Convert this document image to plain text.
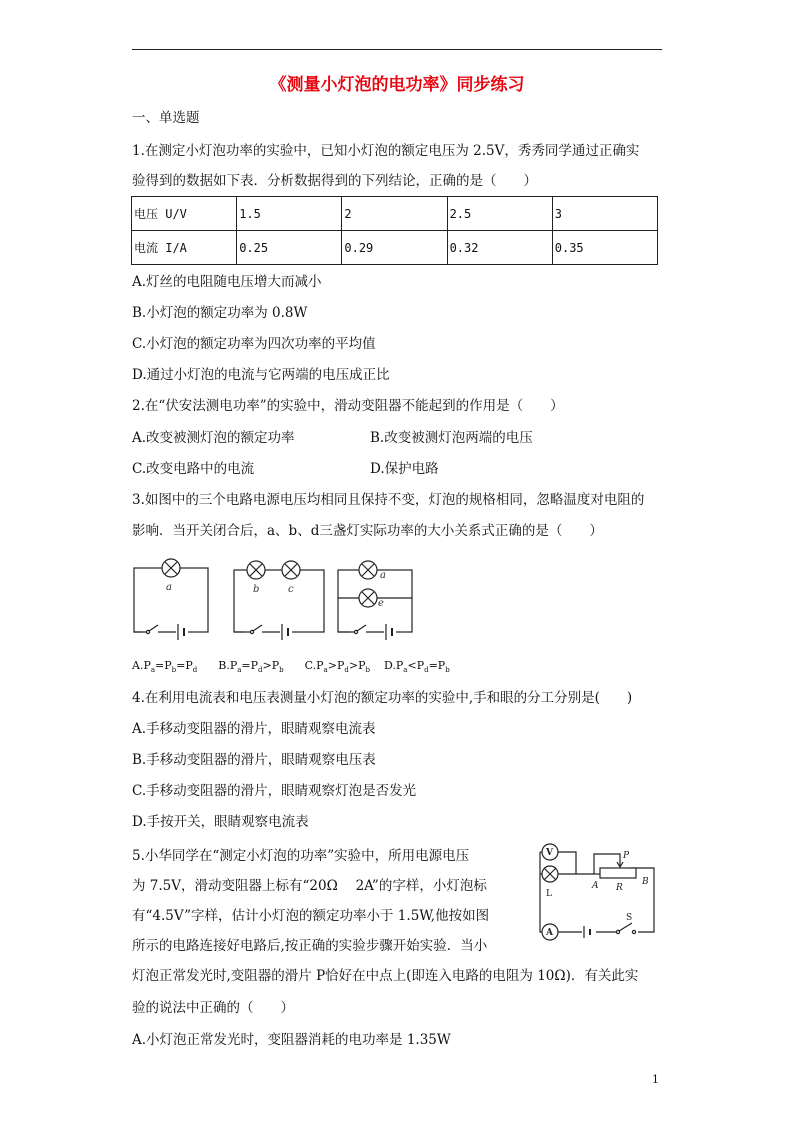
《测量小灯泡的电功率》同步练习
一、单选题
1.在测定小灯泡功率的实验中，已知小灯泡的额定电压为 2.5V，秀秀同学通过正确实
验得到的数据如下表．分析数据得到的下列结论，正确的是（　　）
电压 U/V	1.5	2	2.5	3
电流 I/A	0.25	0.29	0.32	0.35
A.灯丝的电阻随电压增大而减小
B.小灯泡的额定功率为 0.8W
C.小灯泡的额定功率为四次功率的平均值
D.通过小灯泡的电流与它两端的电压成正比
2.在“伏安法测电功率”的实验中，滑动变阻器不能起到的作用是（　　）
A.改变被测灯泡的额定功率	B.改变被测灯泡两端的电压
C.改变电路中的电流	D.保护电路
3.如图中的三个电路电源电压均相同且保持不变，灯泡的规格相同，忽略温度对电阻的
影响．当开关闭合后，a、b、d三盏灯实际功率的大小关系式正确的是（　　）
a	b	c
a
e
$A.P_a=P_b=P_d$ $B.P_a=P_d>P_b$ $C.P_a>P_d>P_b$ $D.P_a<P_d=P_b$
4.在利用电流表和电压表测量小灯泡的额定功率的实验中,手和眼的分工分别是(　　)
A.手移动变阻器的滑片，眼睛观察电流表
B.手移动变阻器的滑片，眼睛观察电压表
C.手移动变阻器的滑片，眼睛观察灯泡是否发光
D.手按开关，眼睛观察电流表
5.小华同学在“测定小灯泡的功率”实验中，所用电源电压
为 7.5V，滑动变阻器上标有“20Ω　 2A”的字样，小灯泡标
有“4.5V”字样，估计小灯泡的额定功率小于 1.5W,他按如图
所示的电路连接好电路后,按正确的实验步骤开始实验．当小
灯泡正常发光时,变阻器的滑片 P恰好在中点上(即连入电路的电阻为 10Ω)．有关此实
验的说法中正确的（　　）
A.小灯泡正常发光时，变阻器消耗的电功率是 1.35W
V
L
P
A R
B
S
A
1
